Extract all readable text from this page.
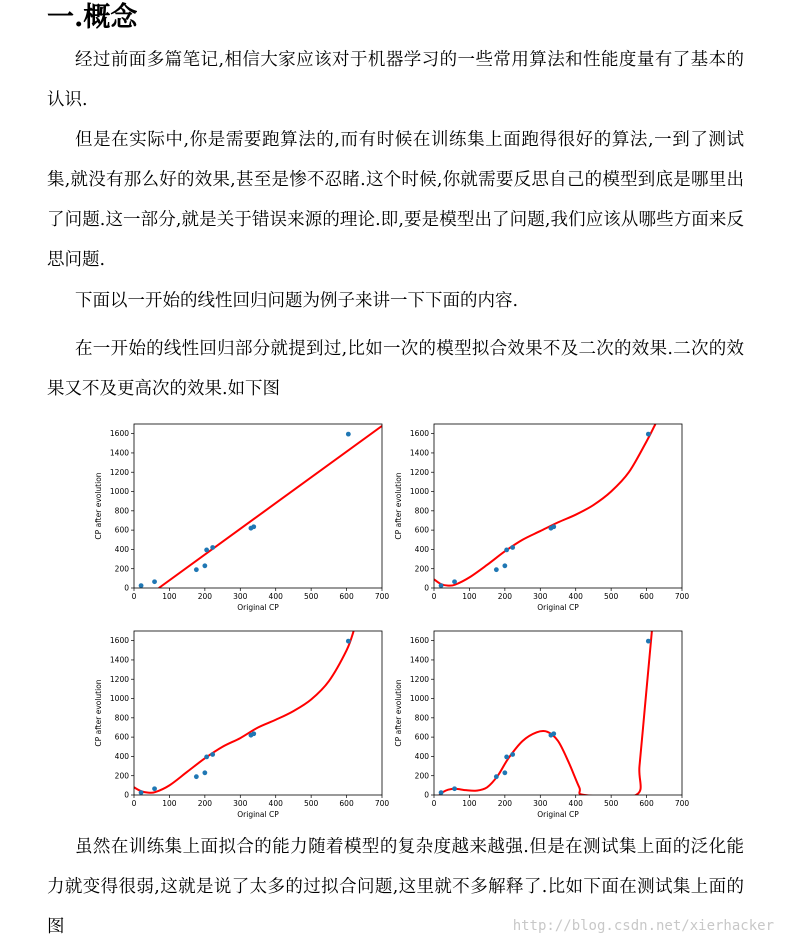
一.概念

经过前面多篇笔记,相信大家应该对于机器学习的一些常用算法和性能度量有了基本的认识.

但是在实际中,你是需要跑算法的,而有时候在训练集上面跑得很好的算法,一到了测试集,就没有那么好的效果,甚至是惨不忍睹.这个时候,你就需要反思自己的模型到底是哪里出了问题.这一部分,就是关于错误来源的理论.即,要是模型出了问题,我们应该从哪些方面来反思问题.

下面以一开始的线性回归问题为例子来讲一下下面的内容.

在一开始的线性回归部分就提到过,比如一次的模型拟合效果不及二次的效果.二次的效果又不及更高次的效果.如下图

0	100	200	300	400	500	600	700
0
200
400
600
800
1000
1200
1400
1600
Original CP
CP after evolution
0	100	200	300	400	500	600	700
0
200
400
600
800
1000
1200
1400
1600
Original CP
CP after evolution
0	100	200	300	400	500	600	700
0
200
400
600
800
1000
1200
1400
1600
Original CP
CP after evolution
0	100	200	300	400	500	600	700
0
200
400
600
800
1000
1200
1400
1600
Original CP
CP after evolution

虽然在训练集上面拟合的能力随着模型的复杂度越来越强.但是在测试集上面的泛化能力就变得很弱,这就是说了太多的过拟合问题,这里就不多解释了.比如下面在测试集上面的图	http://blog.csdn.net/xierhacker
